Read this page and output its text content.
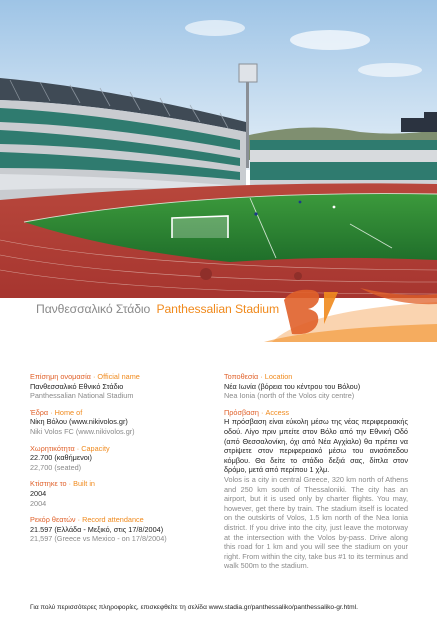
Πανθεσσαλικό Στάδιο Panthessalian Stadium
Επίσημη ονομασία · Official name
Πανθεσσαλικό Εθνικό Στάδιο
Panthessalian National Stadium
Έδρα · Home of
Νίκη Βόλου (www.nikivolos.gr)
Niki Volos FC (www.nikivolos.gr)
Χωρητικότητα · Capacity
22.700 (καθήμενοι)
22,700 (seated)
Κτίστηκε το · Built in
2004
2004
Ρεκόρ θεατών · Record attendance
21.597 (Ελλάδα - Μεξικό, στις 17/8/2004)
21,597 (Greece vs Mexico - on 17/8/2004)
Τοποθεσία · Location
Νέα Ιωνία (βόρεια του κέντρου του Βόλου)
Nea Ionia (north of the Volos city centre)
Πρόσβαση · Access

Η πρόσβαση είναι εύκολη μέσω της νέας περιφερειακής οδού. Λίγο πριν μπείτε στον Βόλο από την Εθνική Οδό (από Θεσσαλονίκη, όχι από Νέα Αγχίαλο) θα πρέπει να στρίψετε στον περιφερειακό μέσω του ανισόπεδου κόμβου. Θα δείτε το στάδιο δεξιά σας, δίπλα στον δρόμο, μετά από περίπου 1 χλμ.

Volos is a city in central Greece, 320 km north of Athens and 250 km south of Thessaloniki. The city has an airport, but it is used only by charter flights. You may, however, get there by train. The stadium itself is located on the outskirts of Volos, 1.5 km north of the Nea Ionia district. If you drive into the city, just leave the motorway at the intersection with the Volos by-pass. Drive along this road for 1 km and you will see the stadium on your right. From within the city, take bus #1 to its terminus and walk 500m to the stadium.

Για πολύ περισσότερες πληροφορίες, επισκεφθείτε τη σελίδα www.stadia.gr/panthessaliko/panthessaliko-gr.html.
